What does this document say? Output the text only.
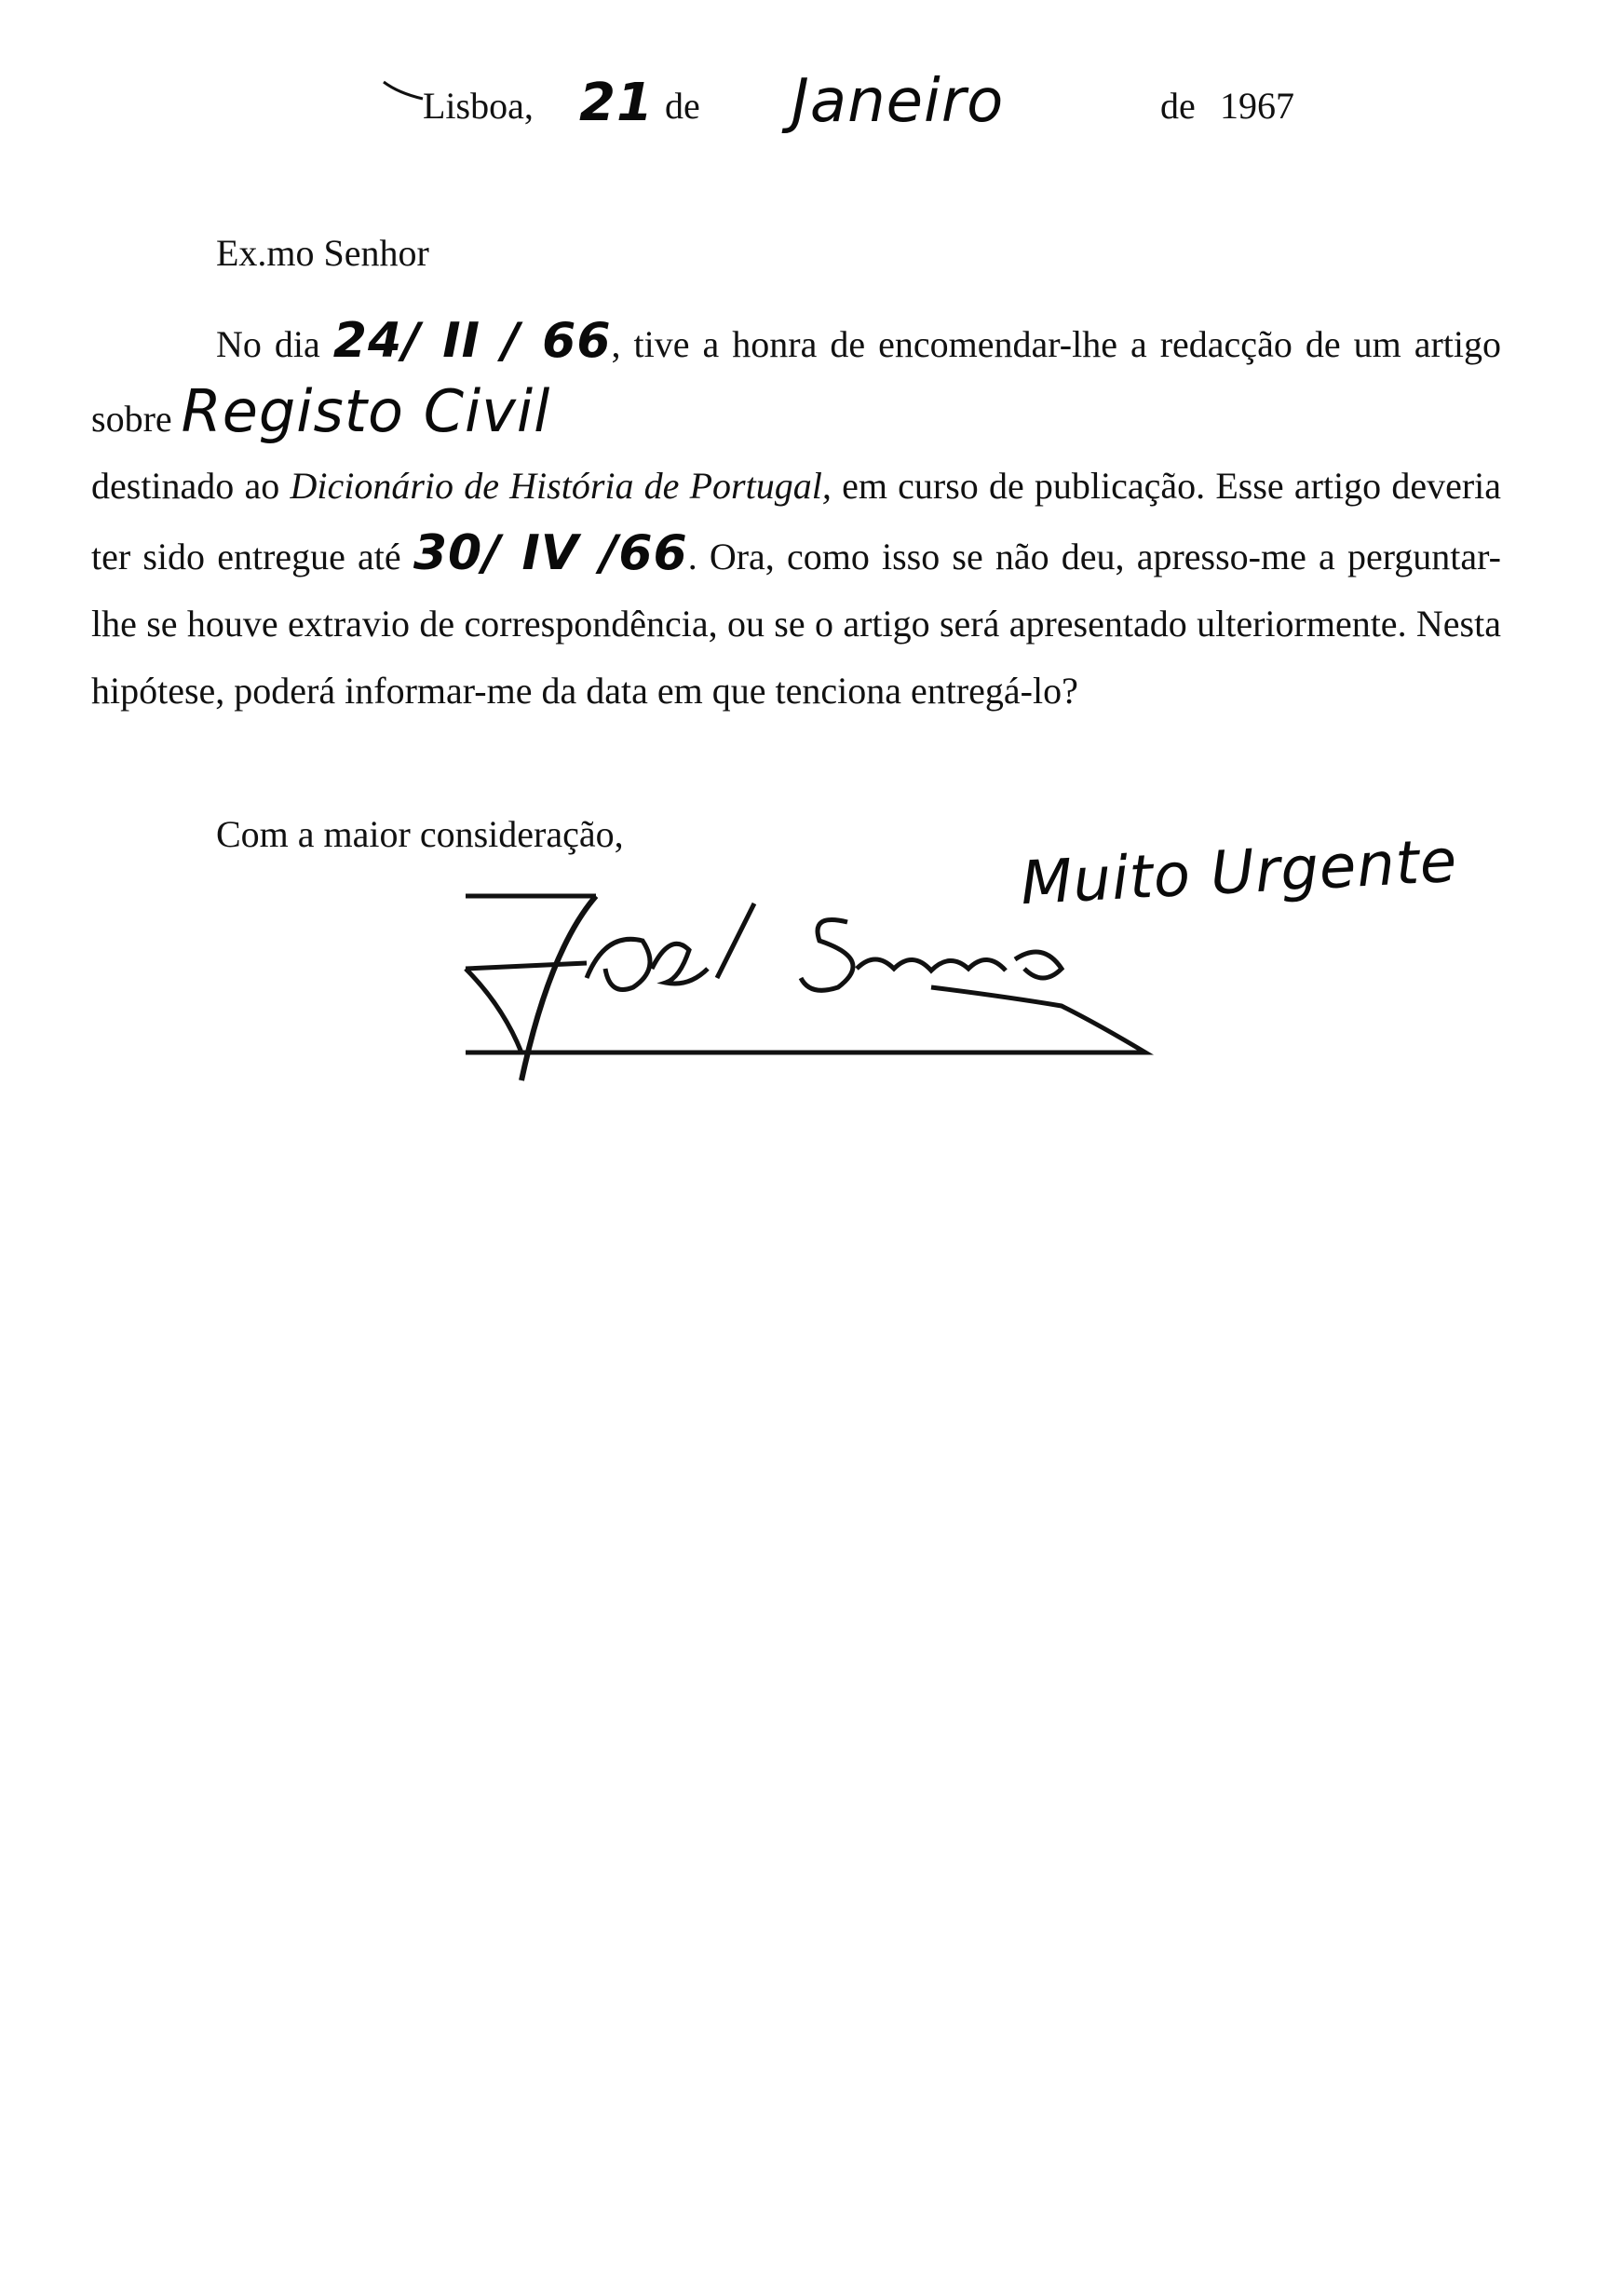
Lisboa, 21 de Janeiro	de 1967
Ex.mo Senhor

No dia 24/ II / 66, tive a honra de encomendar-lhe a redacção de um artigo sobre Registo Civil

destinado ao Dicionário de História de Portugal, em curso de publicação. Esse artigo deveria ter sido entregue até 30/ IV /66. Ora, como isso se não deu, apresso-me a perguntar-lhe se houve extravio de correspondência, ou se o artigo será apresentado ulteriormente. Nesta hipótese, poderá informar-me da data em que tenciona entregá-lo?

Com a maior consideração,	Muito Urgente
